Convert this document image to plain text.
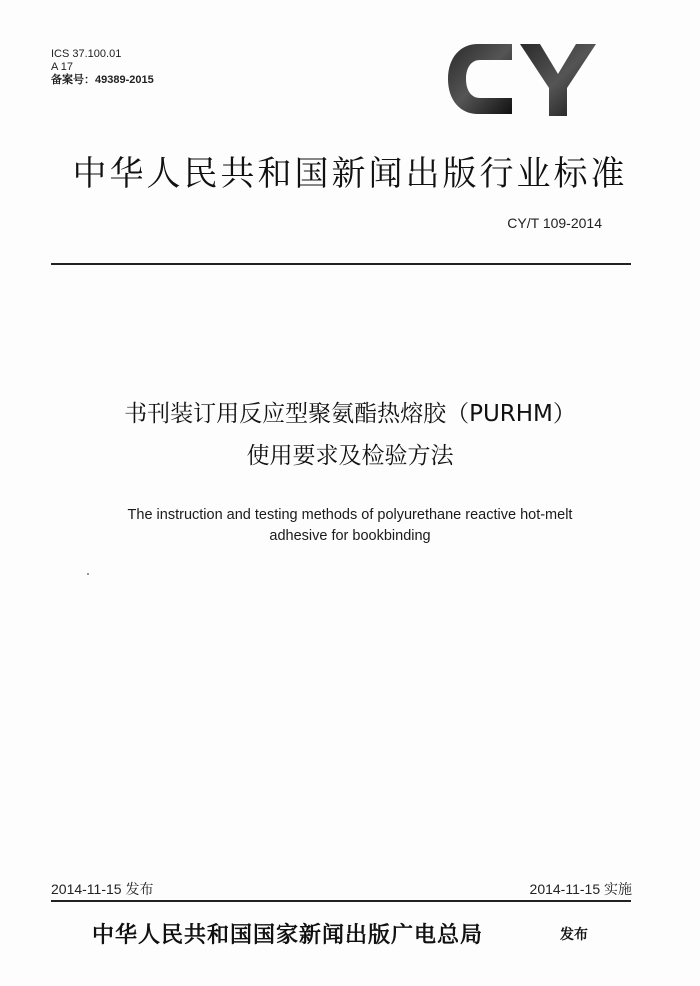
ICS 37.100.01
A 17
备案号：49389-2015
中华人民共和国新闻出版行业标准
CY/T 109-2014
书刊装订用反应型聚氨酯热熔胶（PURHM）
使用要求及检验方法
The instruction and testing methods of polyurethane reactive hot-melt
adhesive for bookbinding
2014-11-15 发布	2014-11-15 实施
中华人民共和国国家新闻出版广电总局	发布
